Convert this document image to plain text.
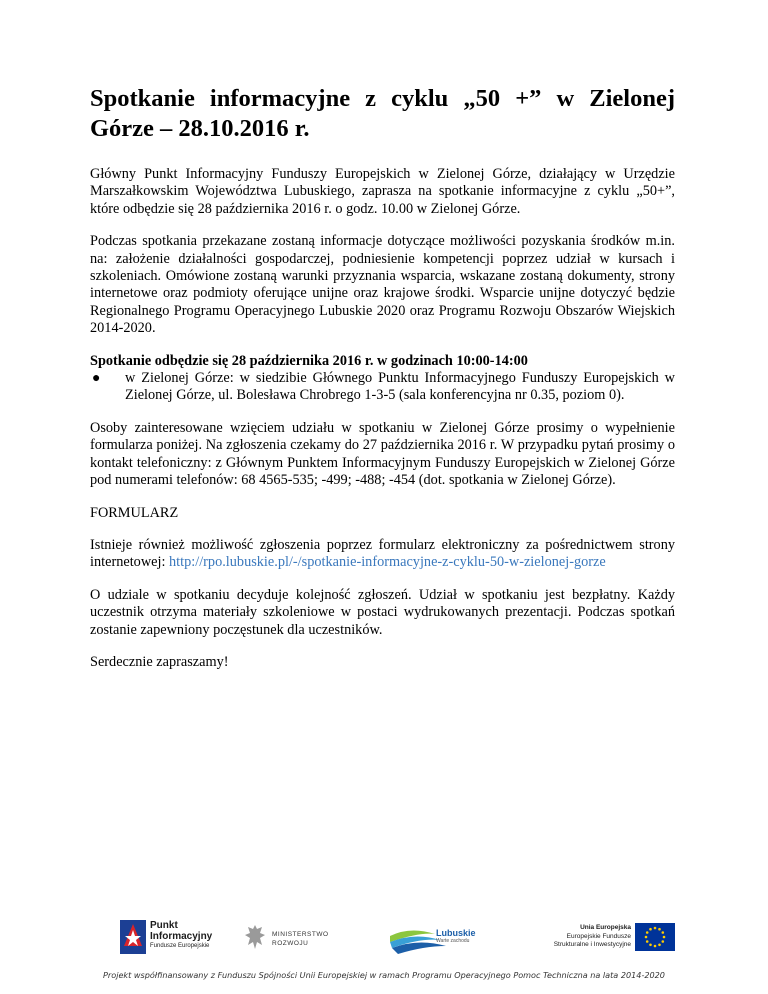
Spotkanie informacyjne z cyklu „50 +” w Zielonej Górze – 28.10.2016 r.

Główny Punkt Informacyjny Funduszy Europejskich w Zielonej Górze, działający w Urzędzie Marszałkowskim Województwa Lubuskiego, zaprasza na spotkanie informacyjne z cyklu „50+”, które odbędzie się 28 października 2016 r. o godz. 10.00 w Zielonej Górze.

Podczas spotkania przekazane zostaną informacje dotyczące możliwości pozyskania środków m.in. na: założenie działalności gospodarczej, podniesienie kompetencji poprzez udział w kursach i szkoleniach. Omówione zostaną warunki przyznania wsparcia, wskazane zostaną dokumenty, strony internetowe oraz podmioty oferujące unijne oraz krajowe środki. Wsparcie unijne dotyczyć będzie Regionalnego Programu Operacyjnego Lubuskie 2020 oraz Programu Rozwoju Obszarów Wiejskich 2014-2020.

Spotkanie odbędzie się 28 października 2016 r. w godzinach 10:00-14:00

● w Zielonej Górze: w siedzibie Głównego Punktu Informacyjnego Funduszy Europejskich w Zielonej Górze, ul. Bolesława Chrobrego 1-3-5 (sala konferencyjna nr 0.35, poziom 0).

Osoby zainteresowane wzięciem udziału w spotkaniu w Zielonej Górze prosimy o wypełnienie formularza poniżej. Na zgłoszenia czekamy do 27 października 2016 r. W przypadku pytań prosimy o kontakt telefoniczny: z Głównym Punktem Informacyjnym Funduszy Europejskich w Zielonej Górze pod numerami telefonów: 68 4565-535; -499; -488; -454 (dot. spotkania w Zielonej Górze).

FORMULARZ

Istnieje również możliwość zgłoszenia poprzez formularz elektroniczny za pośrednictwem strony internetowej: http://rpo.lubuskie.pl/-/spotkanie-informacyjne-z-cyklu-50-w-zielonej-gorze

O udziale w spotkaniu decyduje kolejność zgłoszeń. Udział w spotkaniu jest bezpłatny. Każdy uczestnik otrzyma materiały szkoleniowe w postaci wydrukowanych prezentacji. Podczas spotkań zostanie zapewniony poczęstunek dla uczestników.

Serdecznie zapraszamy!

Punkt
Informacyjny
Fundusze Europejskie
MINISTERSTWO
ROZWOJU
Lubuskie
Warte zachodu
Unia Europejska
Europejskie Fundusze
Strukturalne i Inwestycyjne
Projekt współfinansowany z Funduszu Spójności Unii Europejskiej w ramach Programu Operacyjnego Pomoc Techniczna na lata 2014-2020
